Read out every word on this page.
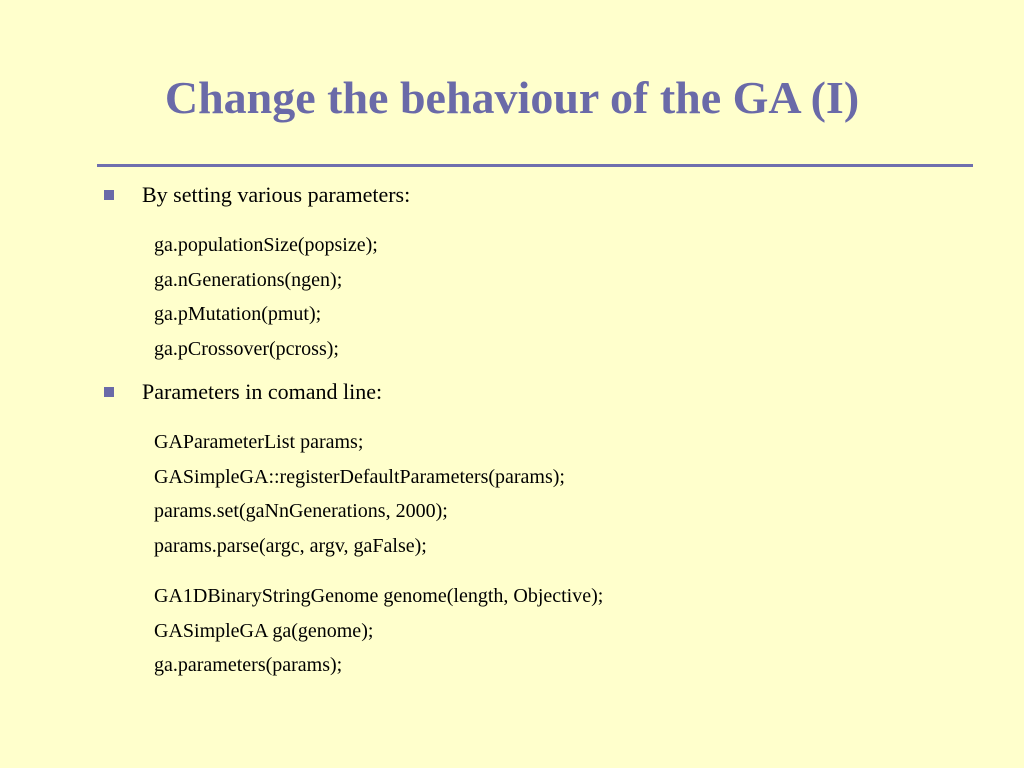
Change the behaviour of the GA (I)
By setting various parameters:
ga.populationSize(popsize);
ga.nGenerations(ngen);
ga.pMutation(pmut);
ga.pCrossover(pcross);
Parameters in comand line:
GAParameterList params;
GASimpleGA::registerDefaultParameters(params);
params.set(gaNnGenerations, 2000);
params.parse(argc, argv, gaFalse);
GA1DBinaryStringGenome genome(length, Objective);
GASimpleGA ga(genome);
ga.parameters(params);
